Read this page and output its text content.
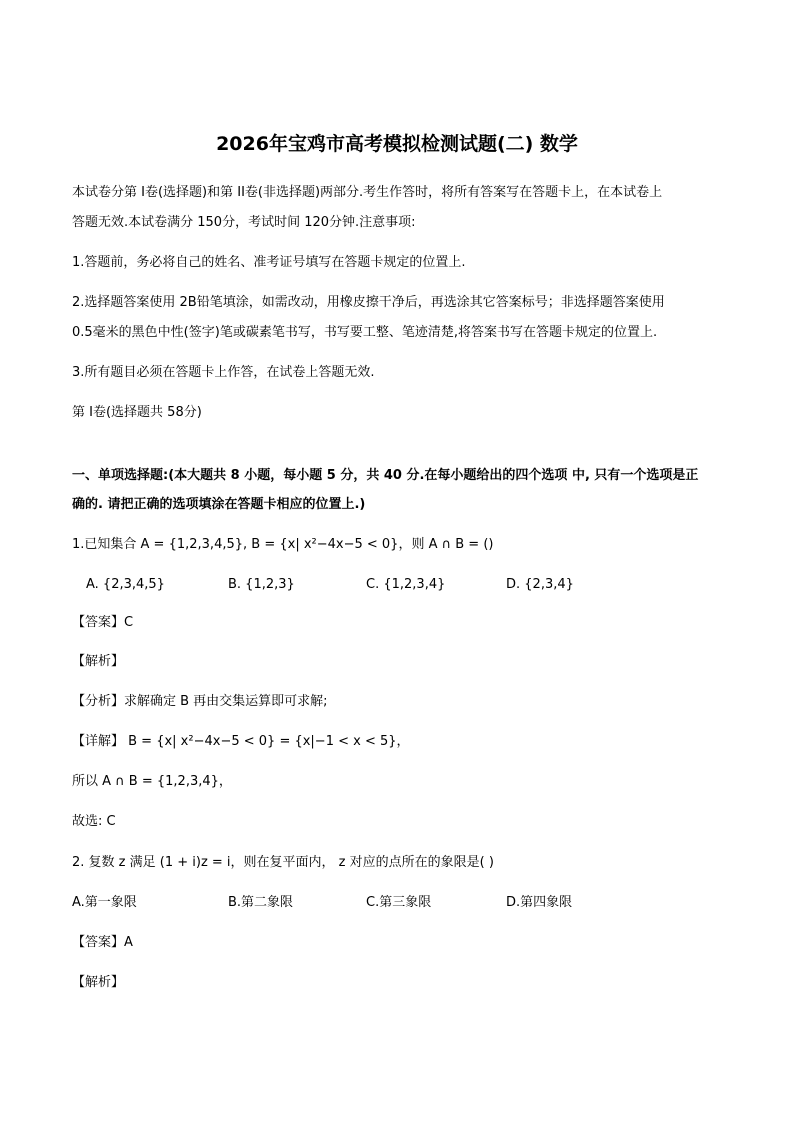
2026年宝鸡市高考模拟检测试题(二) 数学
本试卷分第 I卷(选择题)和第 II卷(非选择题)两部分.考生作答时，将所有答案写在答题卡上，在本试卷上
答题无效.本试卷满分 150分，考试时间 120分钟.注意事项:
1.答题前，务必将自己的姓名、准考证号填写在答题卡规定的位置上.
2.选择题答案使用 2B铅笔填涂，如需改动，用橡皮擦干净后，再选涂其它答案标号；非选择题答案使用
0.5毫米的黑色中性(签字)笔或碳素笔书写，书写要工整、笔迹清楚,将答案书写在答题卡规定的位置上.
3.所有题目必须在答题卡上作答，在试卷上答题无效.
第 I卷(选择题共 58分)
一、单项选择题:(本大题共 8 小题，每小题 5 分，共 40 分.在每小题给出的四个选项 中, 只有一个选项是正
确的. 请把正确的选项填涂在答题卡相应的位置上.)
1.已知集合 A = {1,2,3,4,5}, B = {x| x²−4x−5 < 0}，则 A ∩ B = ()
A. {2,3,4,5}	B. {1,2,3}	C. {1,2,3,4}	D. {2,3,4}
【答案】C
【解析】
【分析】求解确定 B 再由交集运算即可求解;
【详解】 B = {x| x²−4x−5 < 0} = {x|−1 < x < 5}，
所以 A ∩ B = {1,2,3,4}，
故选: C
2. 复数 z 满足 (1 + i)z = i，则在复平面内， z 对应的点所在的象限是( )
A.第一象限	B.第二象限	C.第三象限	D.第四象限
【答案】A
【解析】
